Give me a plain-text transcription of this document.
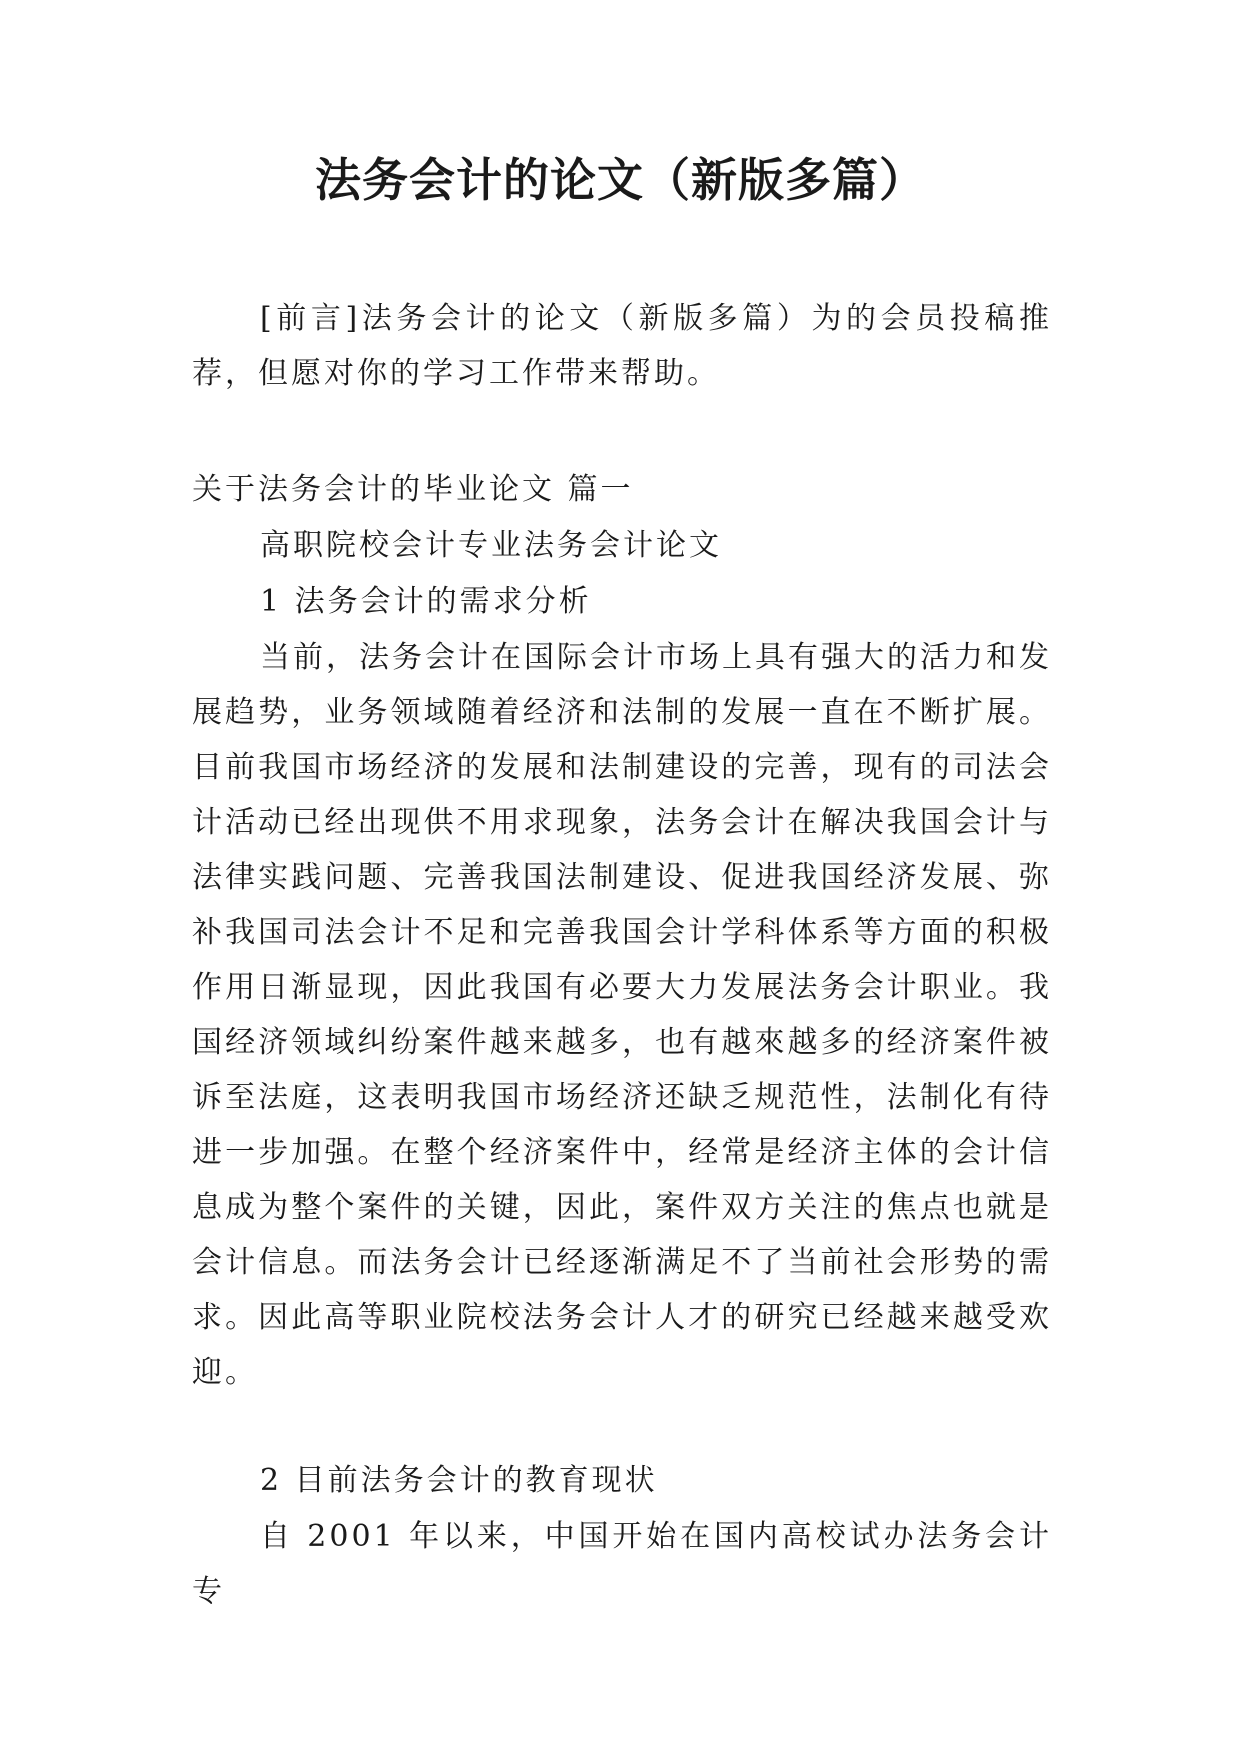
法务会计的论文（新版多篇）

[前言]法务会计的论文（新版多篇）为的会员投稿推荐，但愿对你的学习工作带来帮助。

关于法务会计的毕业论文 篇一

高职院校会计专业法务会计论文

1 法务会计的需求分析

当前，法务会计在国际会计市场上具有强大的活力和发展趋势，业务领域随着经济和法制的发展一直在不断扩展。目前我国市场经济的发展和法制建设的完善，现有的司法会计活动已经出现供不用求现象，法务会计在解决我国会计与法律实践问题、完善我国法制建设、促进我国经济发展、弥补我国司法会计不足和完善我国会计学科体系等方面的积极作用日渐显现，因此我国有必要大力发展法务会计职业。我国经济领域纠纷案件越来越多，也有越來越多的经济案件被诉至法庭，这表明我国市场经济还缺乏规范性，法制化有待进一步加强。在整个经济案件中，经常是经济主体的会计信息成为整个案件的关键，因此，案件双方关注的焦点也就是会计信息。而法务会计已经逐渐满足不了当前社会形势的需求。因此高等职业院校法务会计人才的研究已经越来越受欢迎。

2 目前法务会计的教育现状

自 2001 年以来，中国开始在国内高校试办法务会计专
